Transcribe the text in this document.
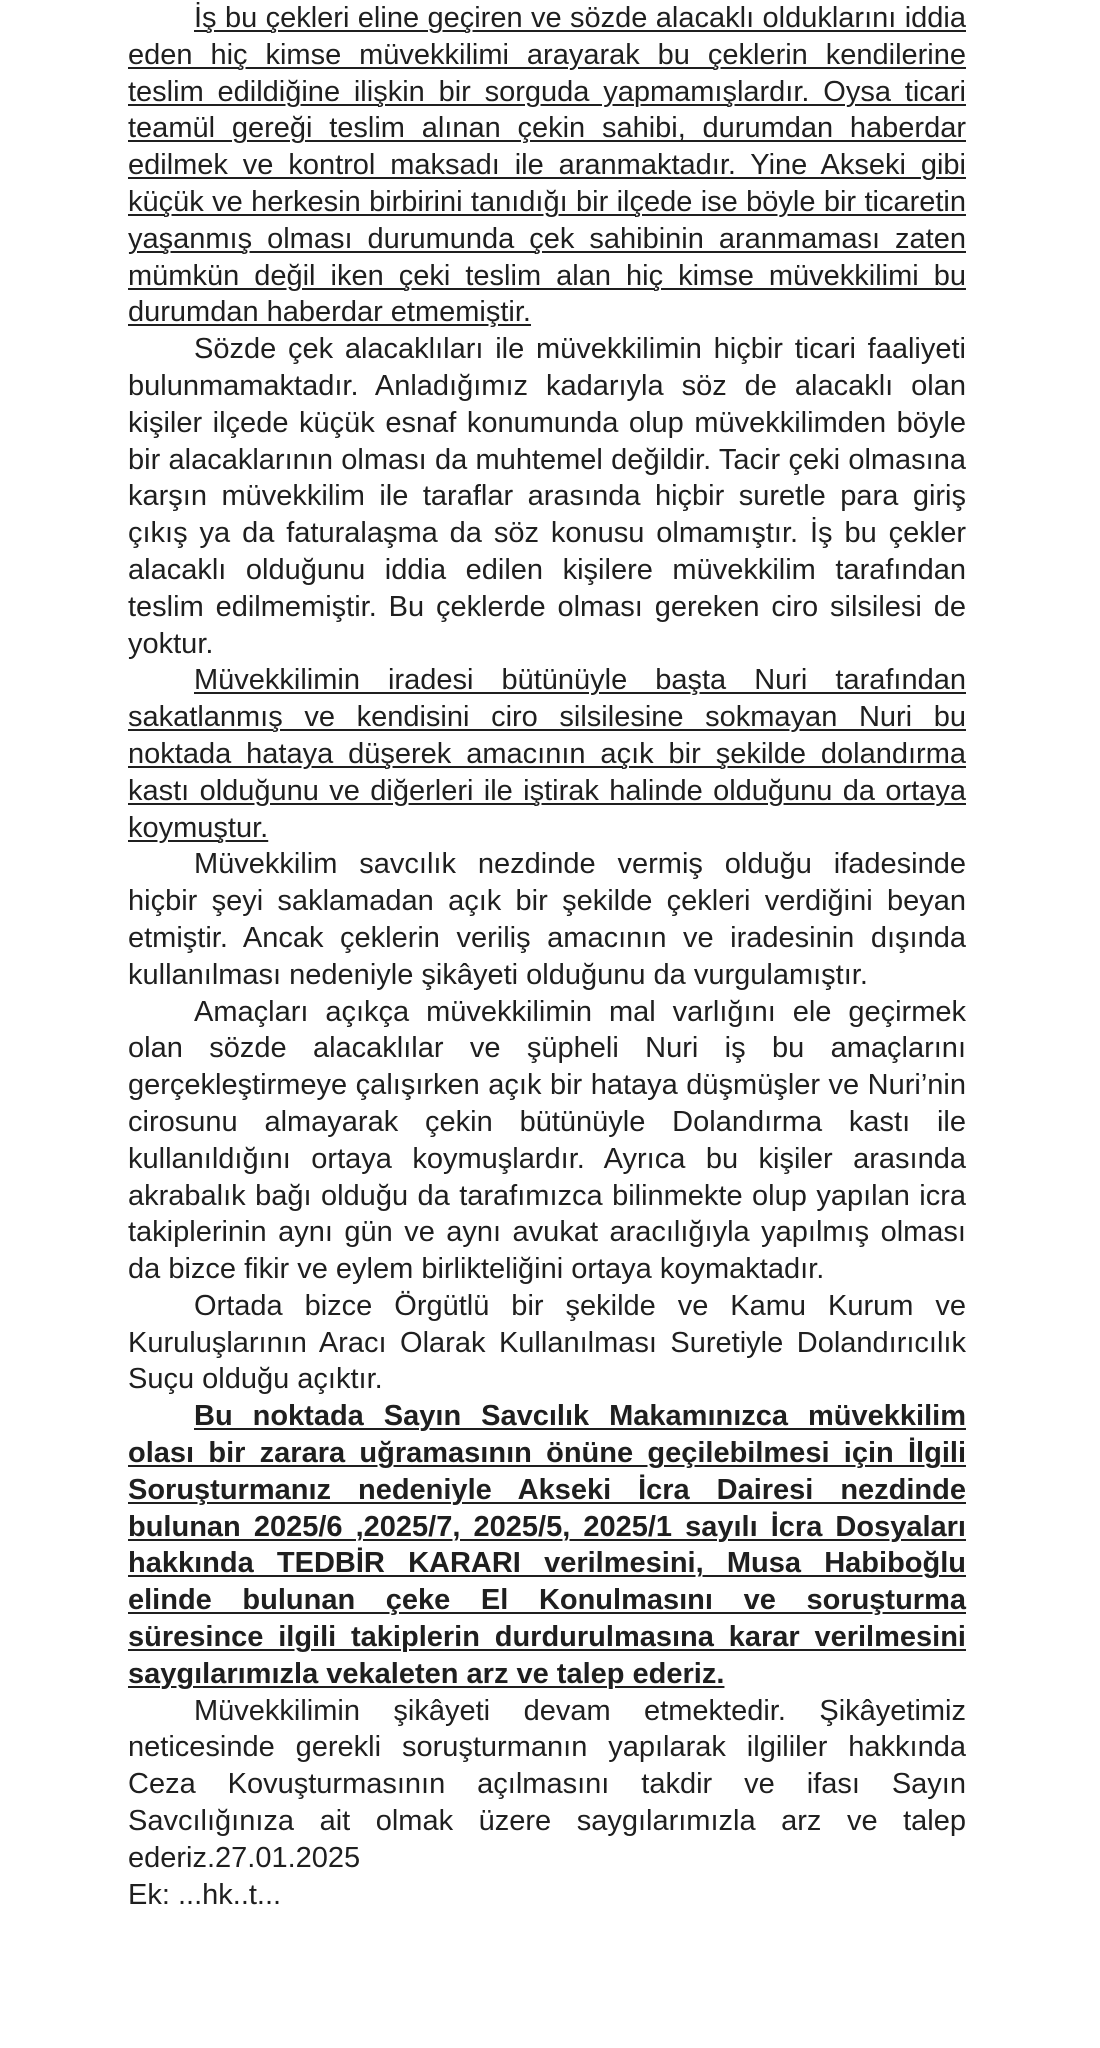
İş bu çekleri eline geçiren ve sözde alacaklı olduklarını iddia eden hiç kimse müvekkilimi arayarak bu çeklerin kendilerine teslim edildiğine ilişkin bir sorguda yapmamışlardır. Oysa ticari teamül gereği teslim alınan çekin sahibi, durumdan haberdar edilmek ve kontrol maksadı ile aranmaktadır. Yine Akseki gibi küçük ve herkesin birbirini tanıdığı bir ilçede ise böyle bir ticaretin yaşanmış olması durumunda çek sahibinin aranmaması zaten mümkün değil iken çeki teslim alan hiç kimse müvekkilimi bu durumdan haberdar etmemiştir.

Sözde çek alacaklıları ile müvekkilimin hiçbir ticari faaliyeti bulunmamaktadır. Anladığımız kadarıyla söz de alacaklı olan kişiler ilçede küçük esnaf konumunda olup müvekkilimden böyle bir alacaklarının olması da muhtemel değildir. Tacir çeki olmasına karşın müvekkilim ile taraflar arasında hiçbir suretle para giriş çıkış ya da faturalaşma da söz konusu olmamıştır. İş bu çekler alacaklı olduğunu iddia edilen kişilere müvekkilim tarafından teslim edilmemiştir. Bu çeklerde olması gereken ciro silsilesi de yoktur.

Müvekkilimin iradesi bütünüyle başta Nuri tarafından sakatlanmış ve kendisini ciro silsilesine sokmayan Nuri bu noktada hataya düşerek amacının açık bir şekilde dolandırma kastı olduğunu ve diğerleri ile iştirak halinde olduğunu da ortaya koymuştur.

Müvekkilim savcılık nezdinde vermiş olduğu ifadesinde hiçbir şeyi saklamadan açık bir şekilde çekleri verdiğini beyan etmiştir. Ancak çeklerin veriliş amacının ve iradesinin dışında kullanılması nedeniyle şikâyeti olduğunu da vurgulamıştır.

Amaçları açıkça müvekkilimin mal varlığını ele geçirmek olan sözde alacaklılar ve şüpheli Nuri iş bu amaçlarını gerçekleştirmeye çalışırken açık bir hataya düşmüşler ve Nuri’nin cirosunu almayarak çekin bütünüyle Dolandırma kastı ile kullanıldığını ortaya koymuşlardır. Ayrıca bu kişiler arasında akrabalık bağı olduğu da tarafımızca bilinmekte olup yapılan icra takiplerinin aynı gün ve aynı avukat aracılığıyla yapılmış olması da bizce fikir ve eylem birlikteliğini ortaya koymaktadır.

Ortada bizce Örgütlü bir şekilde ve Kamu Kurum ve Kuruluşlarının Aracı Olarak Kullanılması Suretiyle Dolandırıcılık Suçu olduğu açıktır.

Bu noktada Sayın Savcılık Makamınızca müvekkilim olası bir zarara uğramasının önüne geçilebilmesi için İlgili Soruşturmanız nedeniyle Akseki İcra Dairesi nezdinde bulunan 2025/6 ,2025/7, 2025/5, 2025/1 sayılı İcra Dosyaları hakkında TEDBİR KARARI verilmesini, Musa Habiboğlu elinde bulunan çeke El Konulmasını ve soruşturma süresince ilgili takiplerin durdurulmasına karar verilmesini saygılarımızla vekaleten arz ve talep ederiz.

Müvekkilimin şikâyeti devam etmektedir. Şikâyetimiz neticesinde gerekli soruşturmanın yapılarak ilgililer hakkında Ceza Kovuşturmasının açılmasını takdir ve ifası Sayın Savcılığınıza ait olmak üzere saygılarımızla arz ve talep ederiz.27.01.2025

Ek: ...hk..t...
